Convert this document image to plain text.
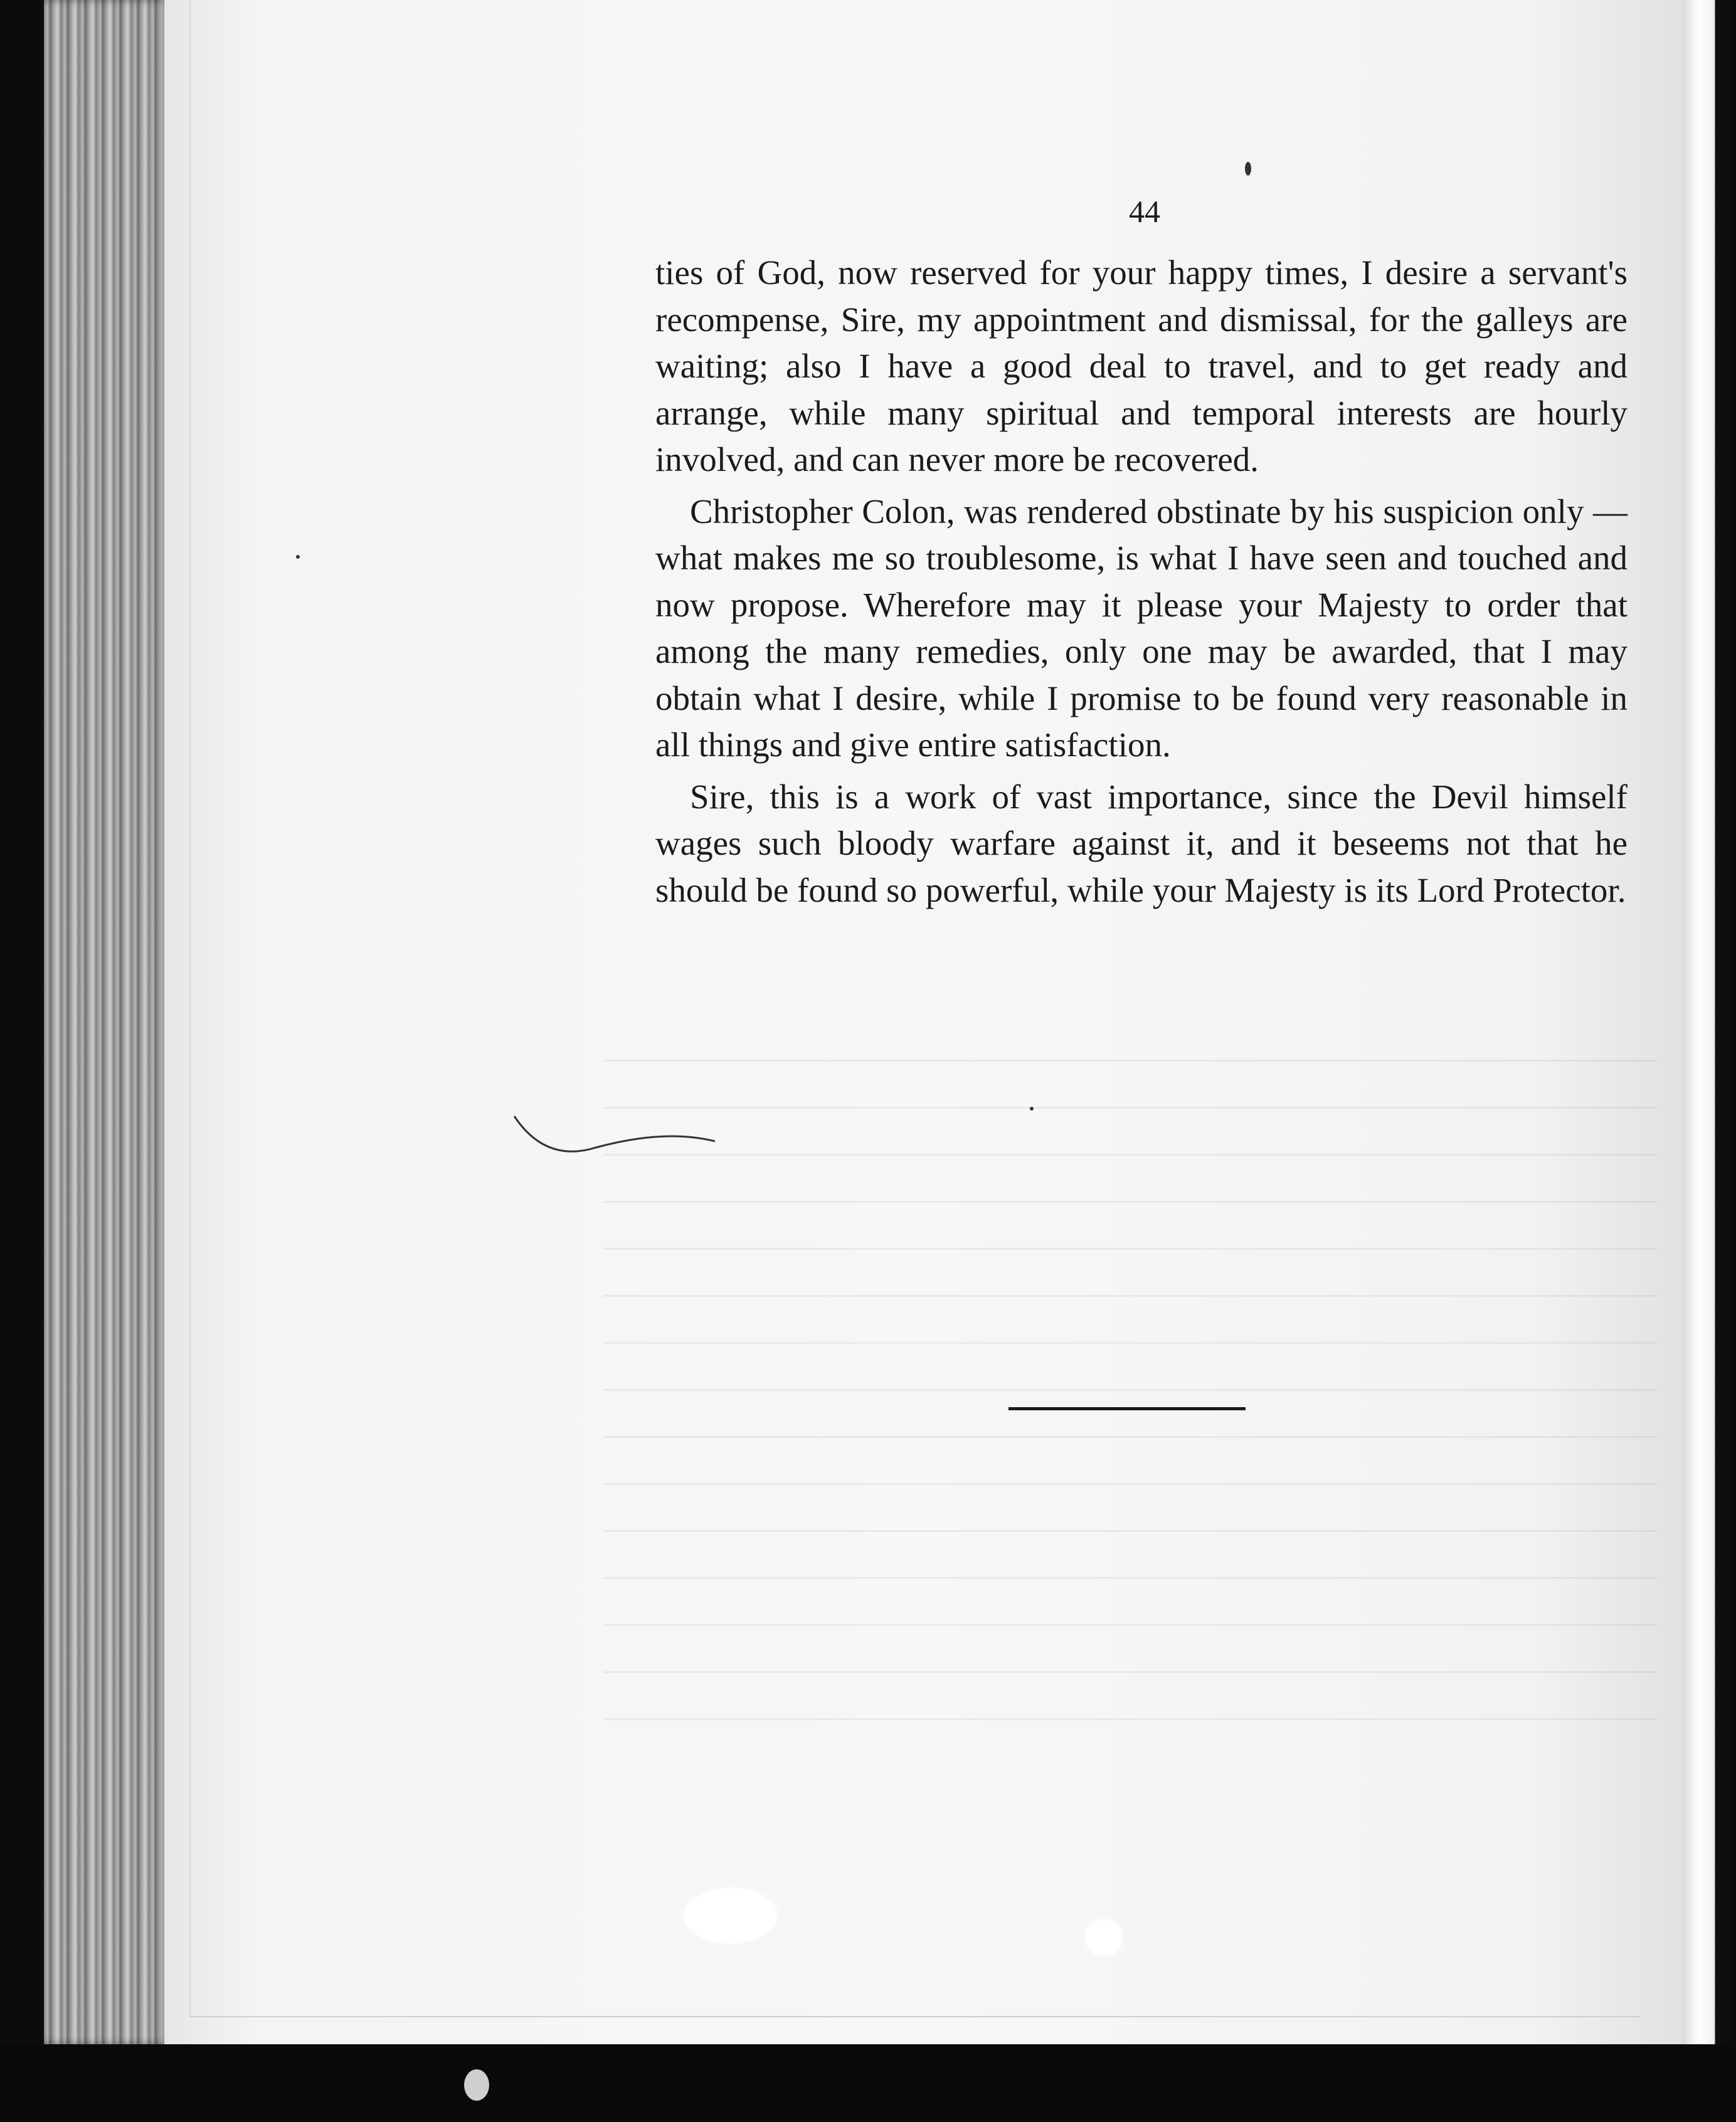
44

ties of God, now reserved for your happy times, I desire a servant's recompense, Sire, my appointment and dismissal, for the galleys are waiting; also I have a good deal to travel, and to get ready and arrange, while many spiritual and temporal interests are hourly involved, and can never more be recovered.

Christopher Colon, was rendered obstinate by his suspicion only — what makes me so troublesome, is what I have seen and touched and now propose. Wherefore may it please your Majesty to order that among the many remedies, only one may be awarded, that I may obtain what I desire, while I promise to be found very reasonable in all things and give entire satisfaction.

Sire, this is a work of vast importance, since the Devil himself wages such bloody warfare against it, and it beseems not that he should be found so powerful, while your Majesty is its Lord Protector.
